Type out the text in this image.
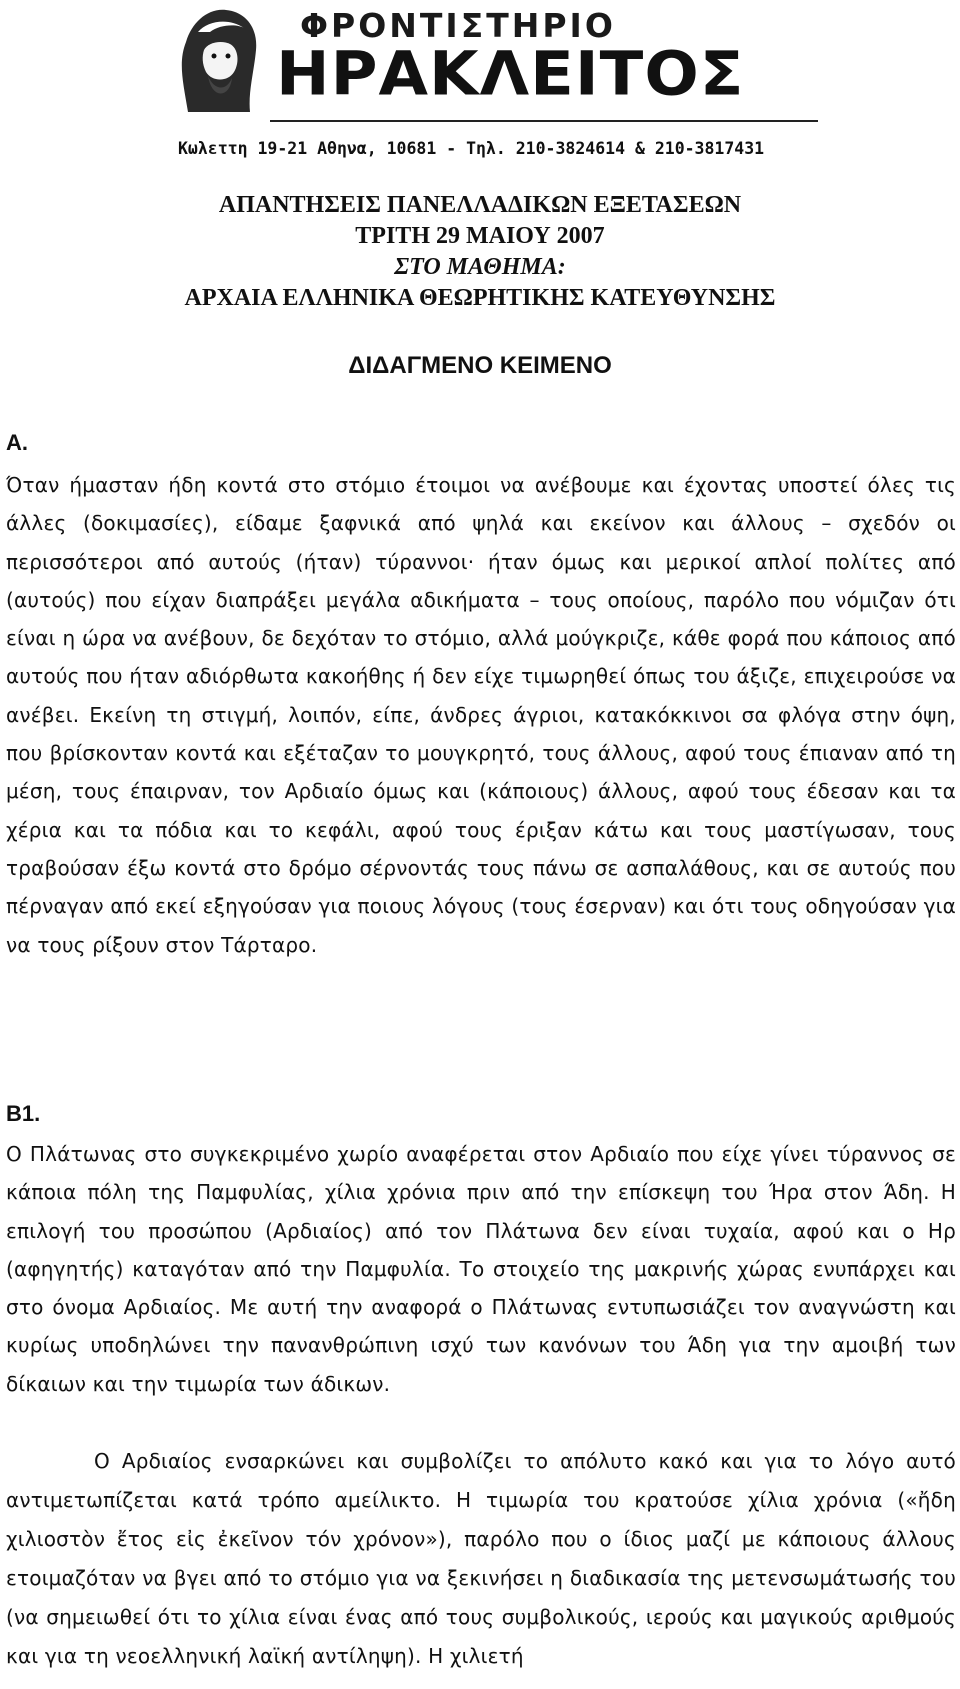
ΦΡΟΝΤΙΣΤΗΡΙΟ
ΗΡΑΚΛΕΙΤΟΣ
Κωλεττη 19-21 Αθηνα, 10681 - Τηλ. 210-3824614 & 210-3817431
ΑΠΑΝΤΗΣΕΙΣ ΠΑΝΕΛΛΑΔΙΚΩΝ ΕΞΕΤΑΣΕΩΝ
ΤΡΙΤΗ 29 ΜΑΙΟΥ 2007
ΣΤΟ ΜΑΘΗΜΑ:
ΑΡΧΑΙΑ ΕΛΛΗΝΙΚΑ ΘΕΩΡΗΤΙΚΗΣ ΚΑΤΕΥΘΥΝΣΗΣ
ΔΙΔΑΓΜΕΝΟ ΚΕΙΜΕΝΟ
Α.
Όταν ήμασταν ήδη κοντά στο στόμιο έτοιμοι να ανέβουμε και έχοντας υποστεί όλες τις άλλες (δοκιμασίες), είδαμε ξαφνικά από ψηλά και εκείνον και άλλους – σχεδόν οι περισσότεροι από αυτούς (ήταν) τύραννοι· ήταν όμως και μερικοί απλοί πολίτες από (αυτούς) που είχαν διαπράξει μεγάλα αδικήματα – τους οποίους, παρόλο που νόμιζαν ότι είναι η ώρα να ανέβουν, δε δεχόταν το στόμιο, αλλά μούγκριζε, κάθε φορά που κάποιος από αυτούς που ήταν αδιόρθωτα κακοήθης ή δεν είχε τιμωρηθεί όπως του άξιζε, επιχειρούσε να ανέβει. Εκείνη τη στιγμή, λοιπόν, είπε, άνδρες άγριοι, κατακόκκινοι σα φλόγα στην όψη, που βρίσκονταν κοντά και εξέταζαν το μουγκρητό, τους άλλους, αφού τους έπιαναν από τη μέση, τους έπαιρναν, τον Αρδιαίο όμως και (κάποιους) άλλους, αφού τους έδεσαν και τα χέρια και τα πόδια και το κεφάλι, αφού τους έριξαν κάτω και τους μαστίγωσαν, τους τραβούσαν έξω κοντά στο δρόμο σέρνοντάς τους πάνω σε ασπαλάθους, και σε αυτούς που πέρναγαν από εκεί εξηγούσαν για ποιους λόγους (τους έσερναν) και ότι τους οδηγούσαν για να τους ρίξουν στον Τάρταρο.
Β1.
Ο Πλάτωνας στο συγκεκριμένο χωρίο αναφέρεται στον Αρδιαίο που είχε γίνει τύραννος σε κάποια πόλη της Παμφυλίας, χίλια χρόνια πριν από την επίσκεψη του Ήρα στον Άδη. Η επιλογή του προσώπου (Αρδιαίος) από τον Πλάτωνα δεν είναι τυχαία, αφού και ο Ηρ (αφηγητής) καταγόταν από την Παμφυλία. Το στοιχείο της μακρινής χώρας ενυπάρχει και στο όνομα Αρδιαίος. Με αυτή την αναφορά ο Πλάτωνας εντυπωσιάζει τον αναγνώστη και κυρίως υποδηλώνει την πανανθρώπινη ισχύ των κανόνων του Άδη για την αμοιβή των δίκαιων και την τιμωρία των άδικων.
Ο Αρδιαίος ενσαρκώνει και συμβολίζει το απόλυτο κακό και για το λόγο αυτό αντιμετωπίζεται κατά τρόπο αμείλικτο. Η τιμωρία του κρατούσε χίλια χρόνια («ἤδη χιλιοστὸν ἔτος εἰς ἐκεῖνον τόν χρόνον»), παρόλο που ο ίδιος μαζί με κάποιους άλλους ετοιμαζόταν να βγει από το στόμιο για να ξεκινήσει η διαδικασία της μετενσωμάτωσής του (να σημειωθεί ότι το χίλια είναι ένας από τους συμβολικούς, ιερούς και μαγικούς αριθμούς και για τη νεοελληνική λαϊκή αντίληψη). Η χιλιετή
